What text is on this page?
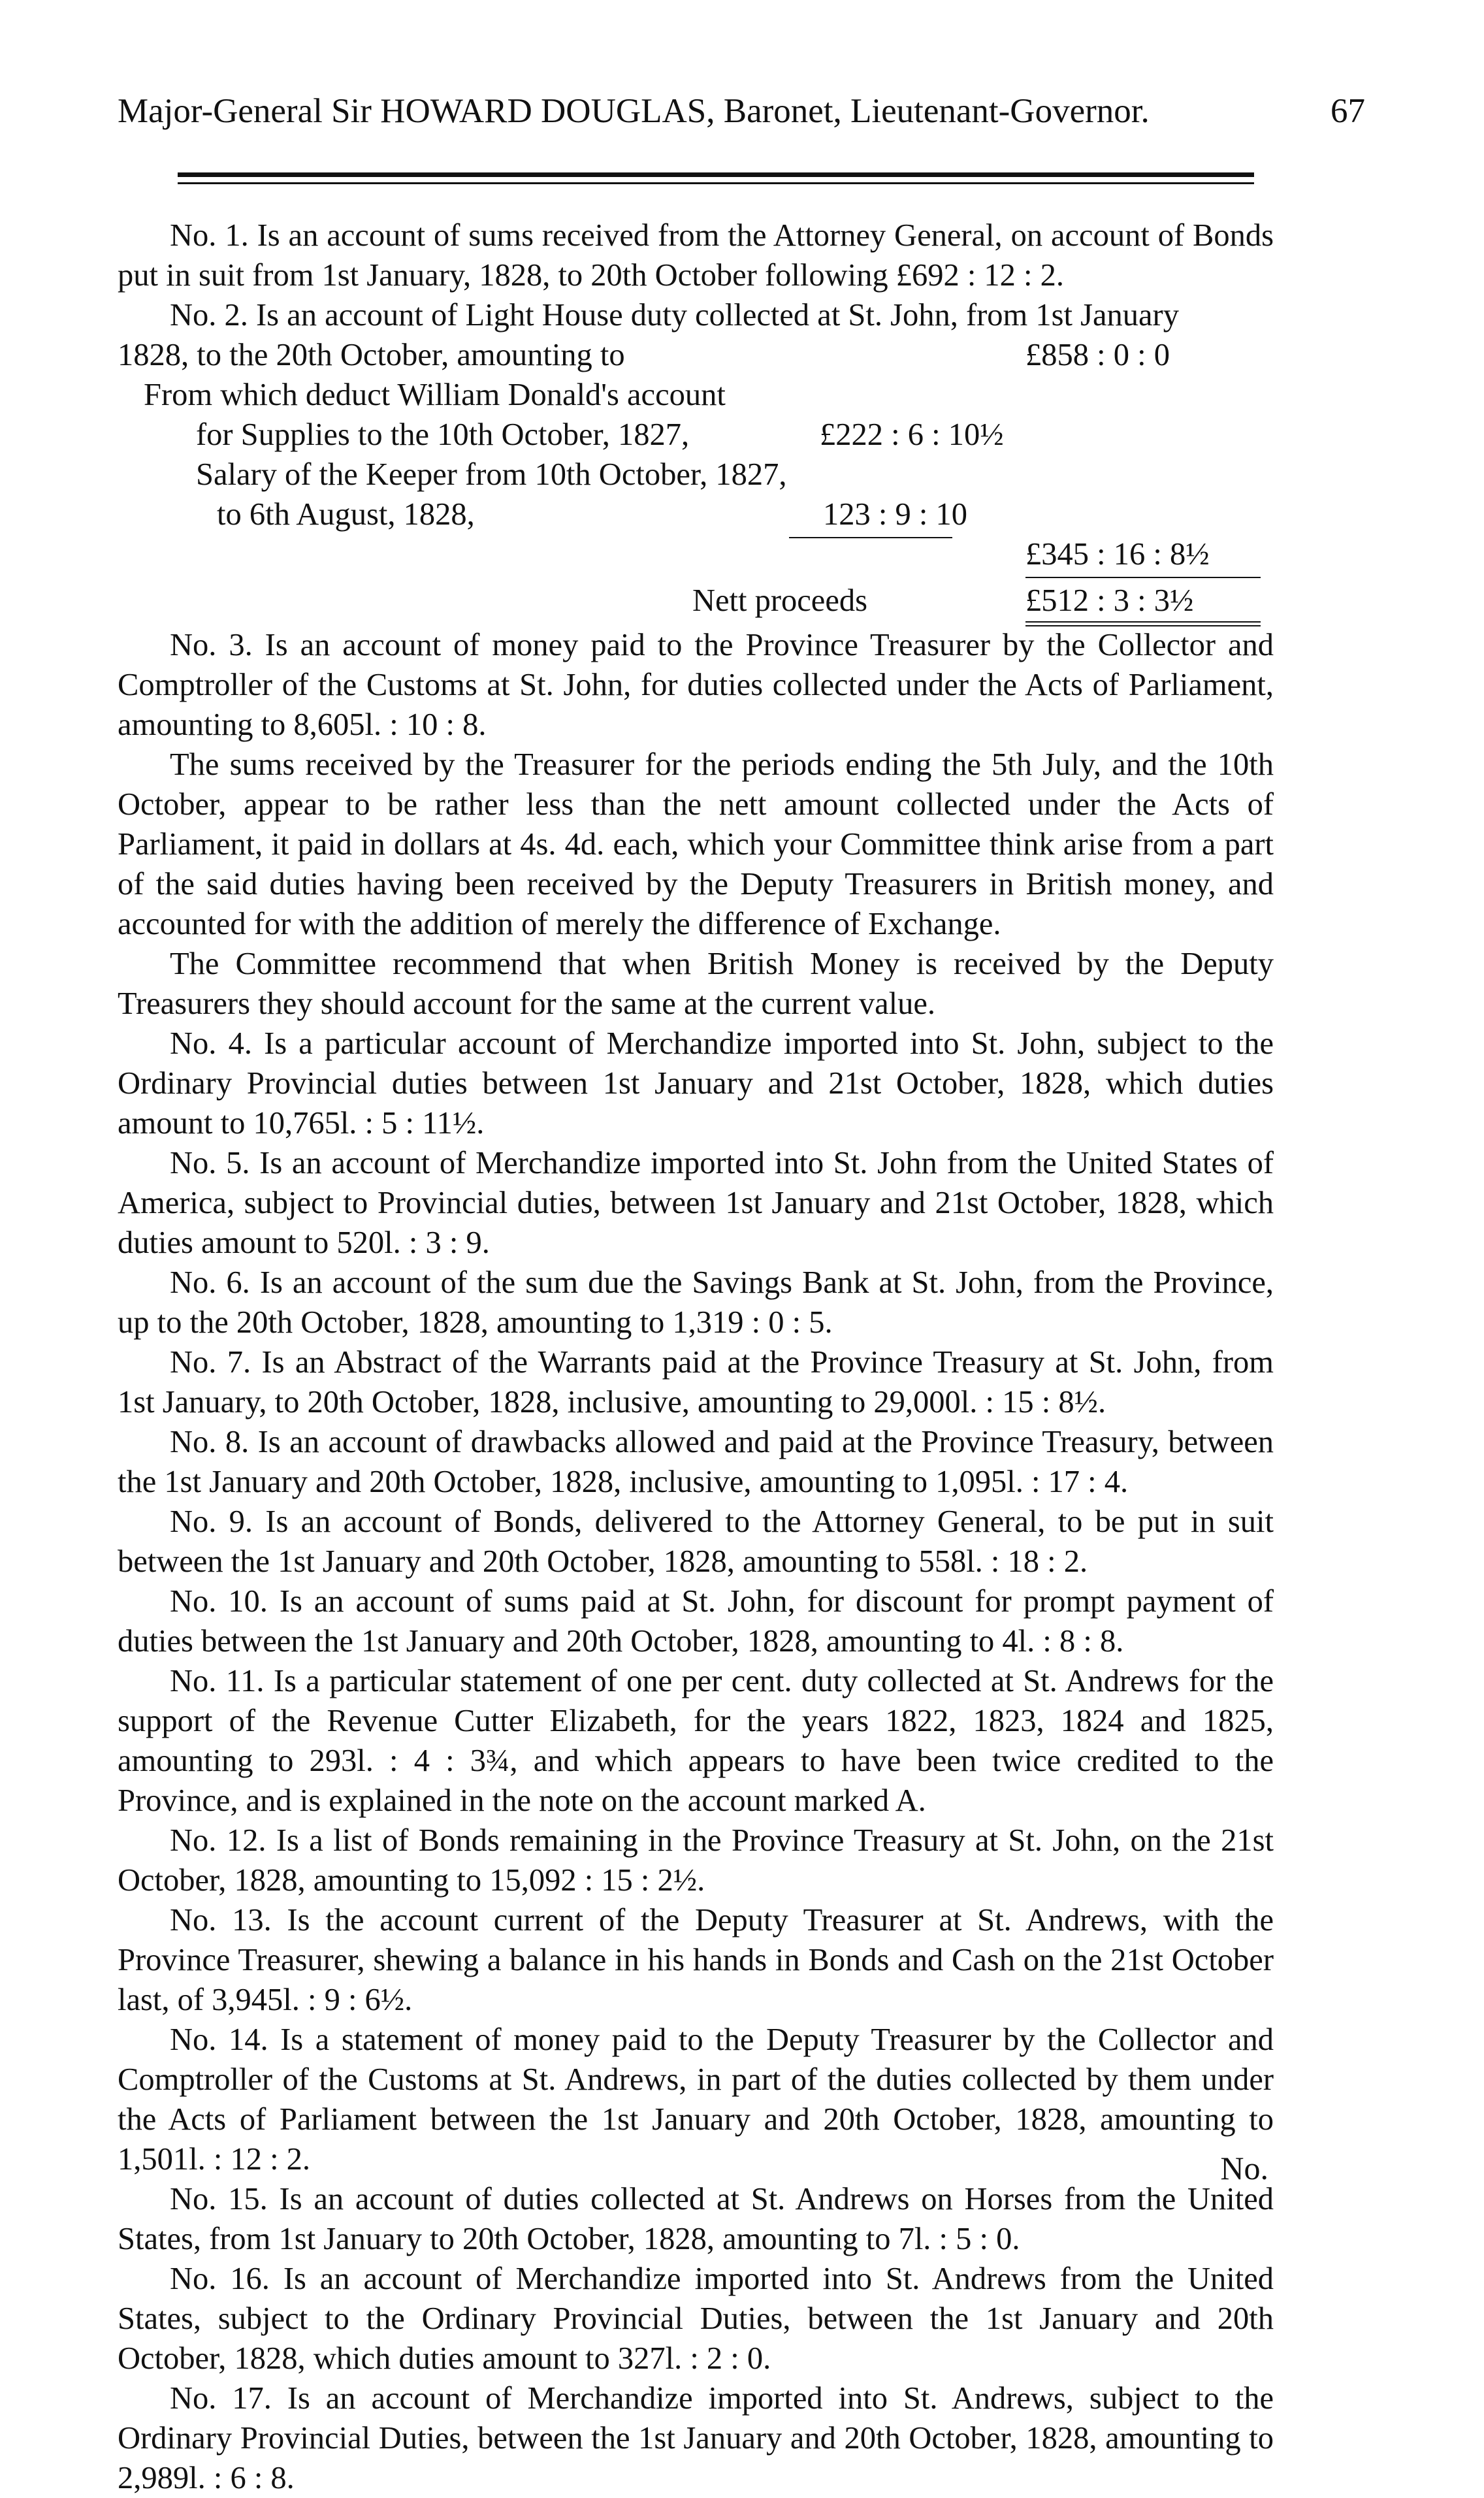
Major-General Sir HOWARD DOUGLAS, Baronet, Lieutenant-Governor.	67

No. 1. Is an account of sums received from the Attorney General, on account of Bonds put in suit from 1st January, 1828, to 20th October following £692 : 12 : 2.

No. 2. Is an account of Light House duty collected at St. John, from 1st January
1828, to the 20th October, amounting to	£858 : 0 : 0
From which deduct William Donald's account
for Supplies to the 10th October, 1827,	£222 : 6 : 10½
Salary of the Keeper from 10th October, 1827,
to 6th August, 1828,	123 : 9 : 10
£345 : 16 : 8½
Nett proceeds	£512 : 3 : 3½

No. 3. Is an account of money paid to the Province Treasurer by the Collector and Comptroller of the Customs at St. John, for duties collected under the Acts of Parliament, amounting to 8,605l. : 10 : 8.

The sums received by the Treasurer for the periods ending the 5th July, and the 10th October, appear to be rather less than the nett amount collected under the Acts of Parliament, it paid in dollars at 4s. 4d. each, which your Committee think arise from a part of the said duties having been received by the Deputy Treasurers in British money, and accounted for with the addition of merely the difference of Exchange.

The Committee recommend that when British Money is received by the Deputy Treasurers they should account for the same at the current value.

No. 4. Is a particular account of Merchandize imported into St. John, subject to the Ordinary Provincial duties between 1st January and 21st October, 1828, which duties amount to 10,765l. : 5 : 11½.

No. 5. Is an account of Merchandize imported into St. John from the United States of America, subject to Provincial duties, between 1st January and 21st October, 1828, which duties amount to 520l. : 3 : 9.

No. 6. Is an account of the sum due the Savings Bank at St. John, from the Province, up to the 20th October, 1828, amounting to 1,319 : 0 : 5.

No. 7. Is an Abstract of the Warrants paid at the Province Treasury at St. John, from 1st January, to 20th October, 1828, inclusive, amounting to 29,000l. : 15 : 8½.

No. 8. Is an account of drawbacks allowed and paid at the Province Treasury, between the 1st January and 20th October, 1828, inclusive, amounting to 1,095l. : 17 : 4.

No. 9. Is an account of Bonds, delivered to the Attorney General, to be put in suit between the 1st January and 20th October, 1828, amounting to 558l. : 18 : 2.

No. 10. Is an account of sums paid at St. John, for discount for prompt payment of duties between the 1st January and 20th October, 1828, amounting to 4l. : 8 : 8.

No. 11. Is a particular statement of one per cent. duty collected at St. Andrews for the support of the Revenue Cutter Elizabeth, for the years 1822, 1823, 1824 and 1825, amounting to 293l. : 4 : 3¾, and which appears to have been twice credited to the Province, and is explained in the note on the account marked A.

No. 12. Is a list of Bonds remaining in the Province Treasury at St. John, on the 21st October, 1828, amounting to 15,092 : 15 : 2½.

No. 13. Is the account current of the Deputy Treasurer at St. Andrews, with the Province Treasurer, shewing a balance in his hands in Bonds and Cash on the 21st October last, of 3,945l. : 9 : 6½.

No. 14. Is a statement of money paid to the Deputy Treasurer by the Collector and Comptroller of the Customs at St. Andrews, in part of the duties collected by them under the Acts of Parliament between the 1st January and 20th October, 1828, amounting to 1,501l. : 12 : 2.

No. 15. Is an account of duties collected at St. Andrews on Horses from the United States, from 1st January to 20th October, 1828, amounting to 7l. : 5 : 0.

No. 16. Is an account of Merchandize imported into St. Andrews from the United States, subject to the Ordinary Provincial Duties, between the 1st January and 20th October, 1828, which duties amount to 327l. : 2 : 0.

No. 17. Is an account of Merchandize imported into St. Andrews, subject to the Ordinary Provincial Duties, between the 1st January and 20th October, 1828, amounting to 2,989l. : 6 : 8.

No.
